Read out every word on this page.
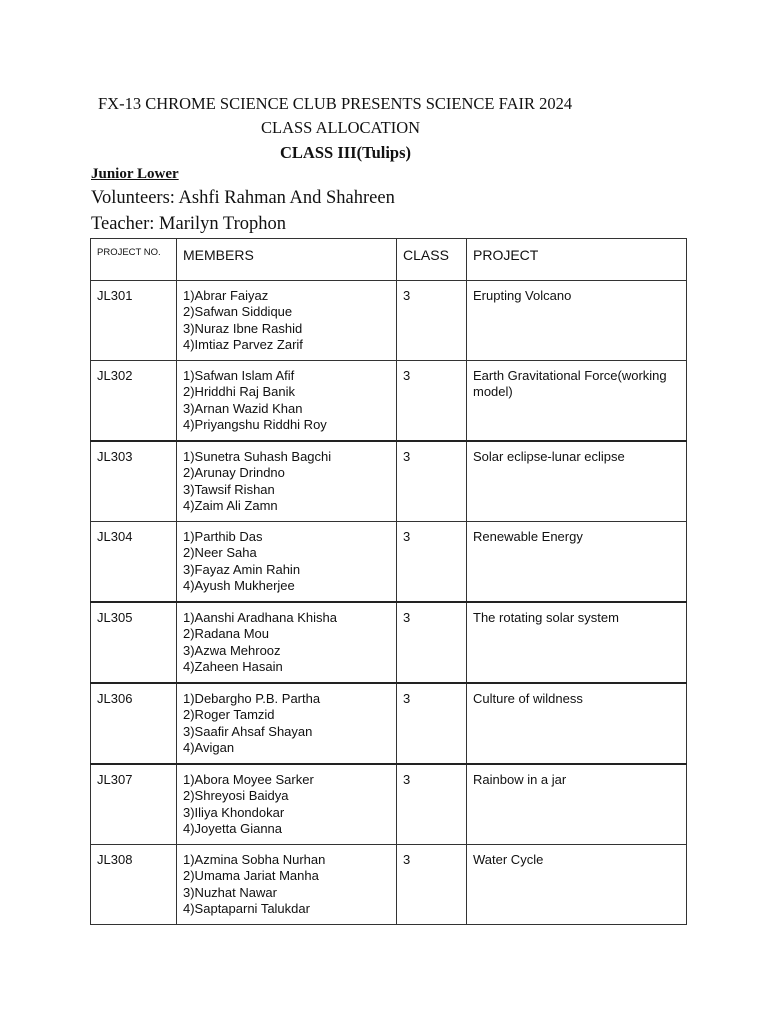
FX-13 CHROME SCIENCE CLUB PRESENTS SCIENCE FAIR 2024
CLASS ALLOCATION
CLASS III(Tulips)
Junior Lower
Volunteers: Ashfi Rahman And Shahreen
Teacher: Marilyn Trophon
PROJECT NO.	MEMBERS	CLASS	PROJECT
JL301	1)Abrar Faiyaz
2)Safwan Siddique
3)Nuraz Ibne Rashid
4)Imtiaz Parvez Zarif	3	Erupting Volcano
JL302	1)Safwan Islam Afif
2)Hriddhi Raj Banik
3)Arnan Wazid Khan
4)Priyangshu Riddhi Roy	3	Earth Gravitational Force(working model)
JL303	1)Sunetra Suhash Bagchi
2)Arunay Drindno
3)Tawsif Rishan
4)Zaim Ali Zamn	3	Solar eclipse-lunar eclipse
JL304	1)Parthib Das
2)Neer Saha
3)Fayaz Amin Rahin
4)Ayush Mukherjee	3	Renewable Energy
JL305	1)Aanshi Aradhana Khisha
2)Radana Mou
3)Azwa Mehrooz
4)Zaheen Hasain	3	The rotating solar system
JL306	1)Debargho P.B. Partha
2)Roger Tamzid
3)Saafir Ahsaf Shayan
4)Avigan	3	Culture of wildness
JL307	1)Abora Moyee Sarker
2)Shreyosi Baidya
3)Iliya Khondokar
4)Joyetta Gianna	3	Rainbow in a jar
JL308	1)Azmina Sobha Nurhan
2)Umama Jariat Manha
3)Nuzhat Nawar
4)Saptaparni Talukdar	3	Water Cycle
